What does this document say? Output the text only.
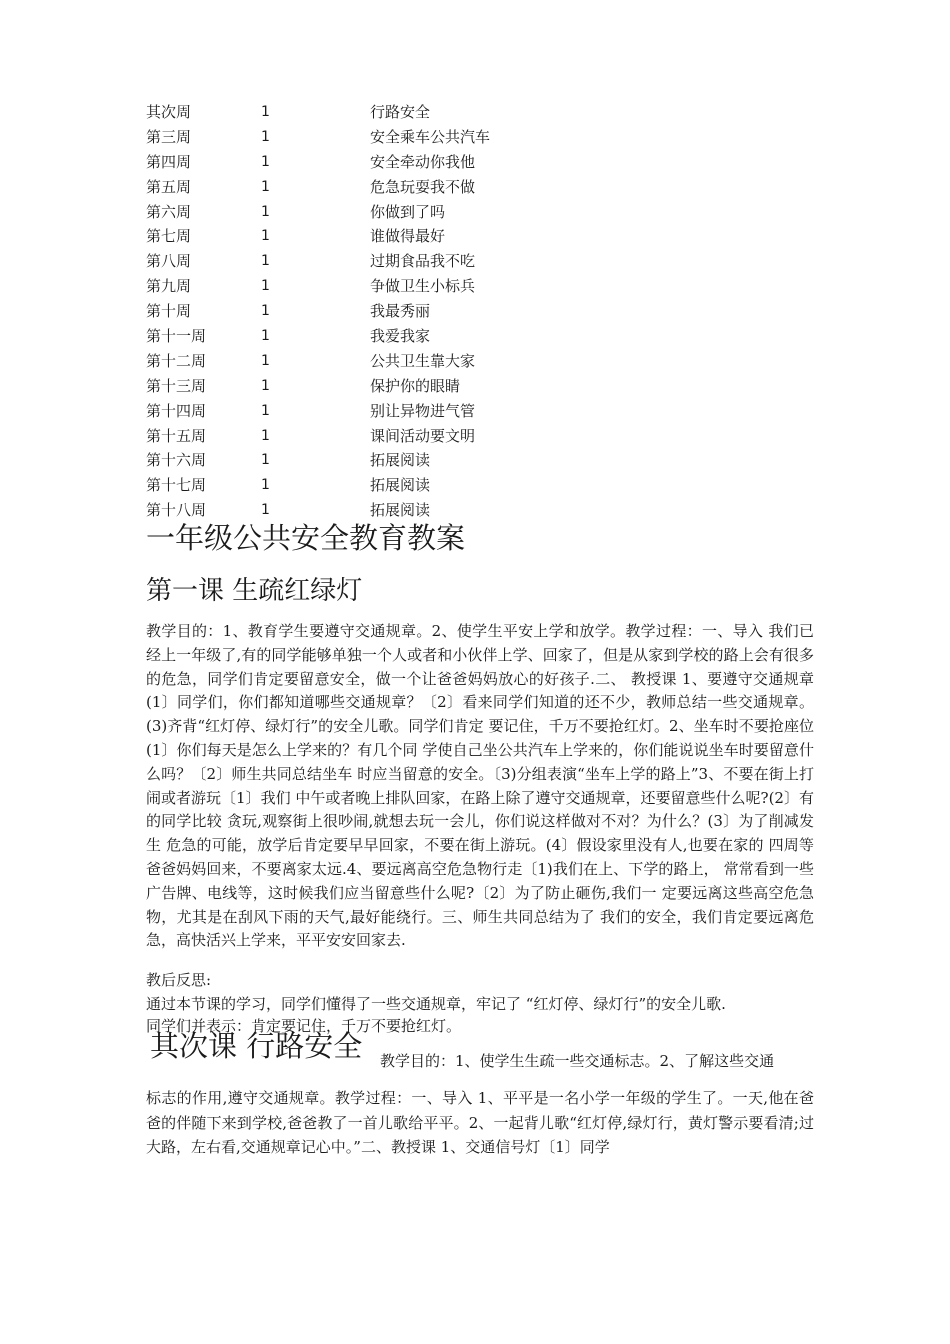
其次周	1	行路安全
第三周	1	安全乘车公共汽车
第四周	1	安全牵动你我他
第五周	1	危急玩耍我不做
第六周	1	你做到了吗
第七周	1	谁做得最好
第八周	1	过期食品我不吃
第九周	1	争做卫生小标兵
第十周	1	我最秀丽
第十一周	1	我爱我家
第十二周	1	公共卫生靠大家
第十三周	1	保护你的眼睛
第十四周	1	别让异物进气管
第十五周	1	课间活动要文明
第十六周	1	拓展阅读
第十七周	1	拓展阅读
第十八周	1	拓展阅读
一年级公共安全教育教案
第一课 生疏红绿灯

教学目的：1、教育学生要遵守交通规章。2、使学生平安上学和放学。教学过程：一、导入 我们已经上一年级了,有的同学能够单独一个人或者和小伙伴上学、回家了，但是从家到学校的路上会有很多的危急，同学们肯定要留意安全，做一个让爸爸妈妈放心的好孩子.二、 教授课 1、要遵守交通规章(1〕同学们，你们都知道哪些交通规章？〔2〕看来同学们知道的还不少，教师总结一些交通规章。(3)齐背“红灯停、绿灯行”的安全儿歌。同学们肯定 要记住，千万不要抢红灯。2、坐车时不要抢座位(1〕你们每天是怎么上学来的？有几个同 学使自己坐公共汽车上学来的，你们能说说坐车时要留意什么吗？〔2〕师生共同总结坐车 时应当留意的安全。〔3)分组表演“坐车上学的路上”3、不要在街上打闹或者游玩〔1〕我们 中午或者晚上排队回家，在路上除了遵守交通规章，还要留意些什么呢?(2〕有的同学比较 贪玩,观察街上很吵闹,就想去玩一会儿，你们说这样做对不对？为什么？(3〕为了削减发生 危急的可能，放学后肯定要早早回家，不要在街上游玩。(4〕假设家里没有人,也要在家的 四周等爸爸妈妈回来，不要离家太远.4、要远离高空危急物行走〔1)我们在上、下学的路上， 常常看到一些广告牌、电线等，这时候我们应当留意些什么呢?〔2〕为了防止砸伤,我们一 定要远离这些高空危急物，尤其是在刮风下雨的天气,最好能绕行。三、师生共同总结为了 我们的安全，我们肯定要远离危急，高快活兴上学来，平平安安回家去.

教后反思:

通过本节课的学习，同学们懂得了一些交通规章，牢记了 “红灯停、绿灯行”的安全儿歌.

同学们并表示：肯定要记住，千万不要抢红灯。

其次课 行路安全 教学目的：1、使学生生疏一些交通标志。2、了解这些交通

标志的作用,遵守交通规章。教学过程：一、导入 1、平平是一名小学一年级的学生了。一天,他在爸爸的伴随下来到学校,爸爸教了一首儿歌给平平。2、一起背儿歌“红灯停,绿灯行，黄灯警示要看清;过大路，左右看,交通规章记心中。”二、教授课 1、交通信号灯〔1〕同学
